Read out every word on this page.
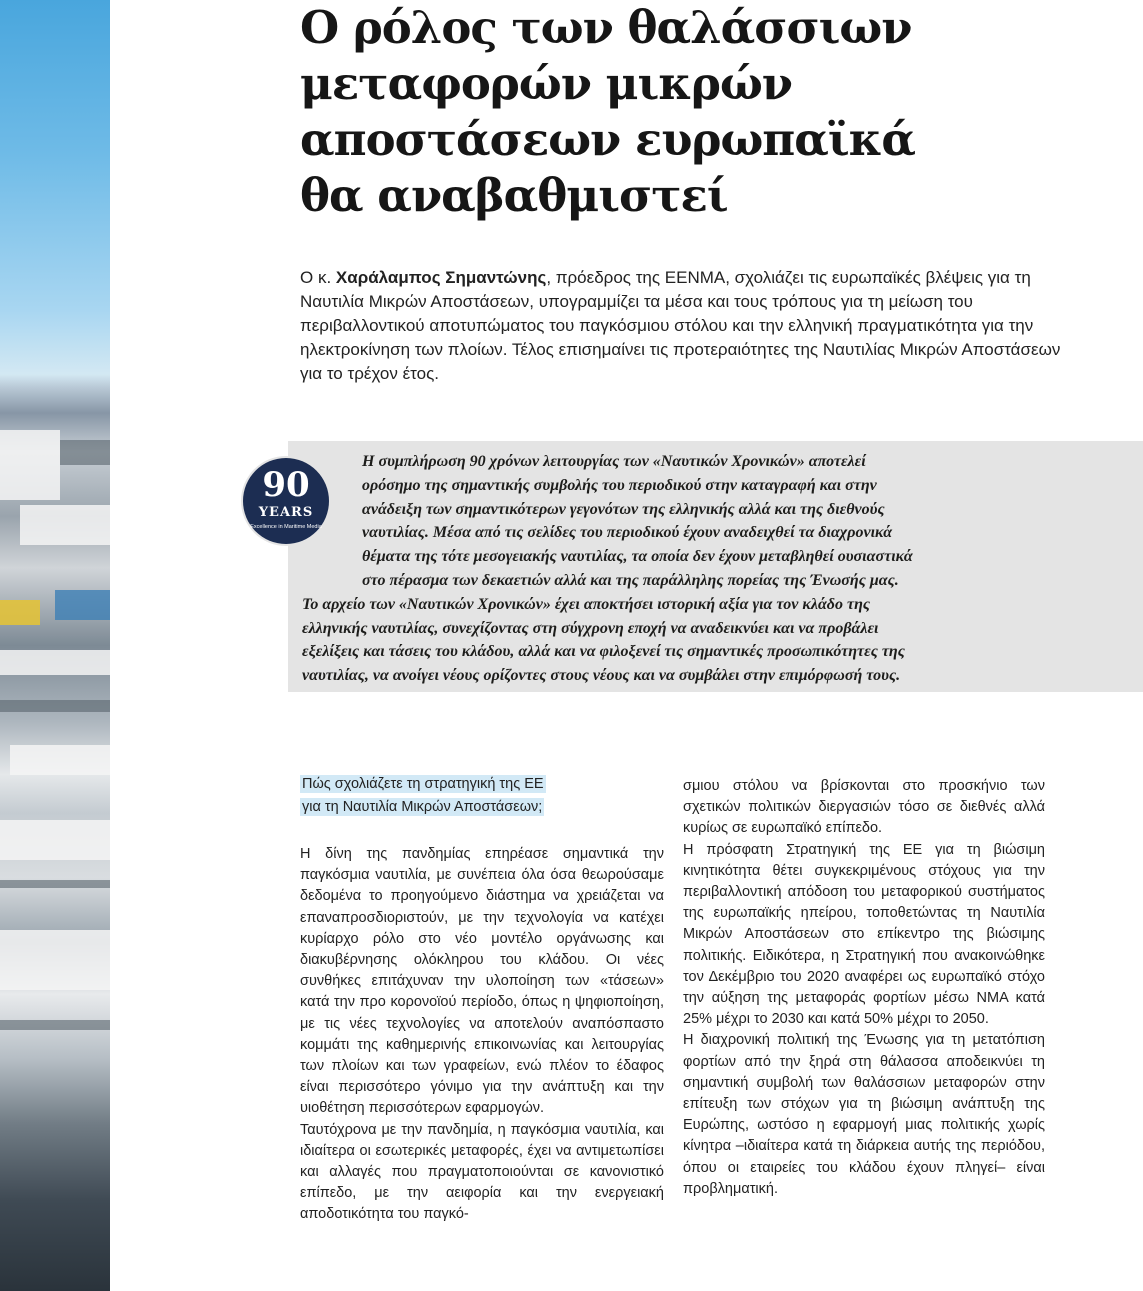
Ο ρόλος των θαλάσσιων
μεταφορών μικρών
αποστάσεων ευρωπαϊκά
θα αναβαθμιστεί

Ο κ. Χαράλαμπος Σημαντώνης, πρόεδρος της ΕΕΝΜΑ, σχολιάζει τις ευρωπαϊκές βλέψεις για τη Ναυτιλία Μικρών Αποστάσεων, υπογραμμίζει τα μέσα και τους τρόπους για τη μείωση του περιβαλλοντικού αποτυπώματος του παγκόσμιου στόλου και την ελληνική πραγματικότητα για την ηλεκτροκίνηση των πλοίων. Τέλος επισημαίνει τις προτεραιότητες της Ναυτιλίας Μικρών Αποστάσεων για το τρέχον έτος.

Η συμπλήρωση 90 χρόνων λειτουργίας των «Ναυτικών Χρονικών» αποτελεί
ορόσημο της σημαντικής συμβολής του περιοδικού στην καταγραφή και στην
ανάδειξη των σημαντικότερων γεγονότων της ελληνικής αλλά και της διεθνούς
ναυτιλίας. Μέσα από τις σελίδες του περιοδικού έχουν αναδειχθεί τα διαχρονικά
θέματα της τότε μεσογειακής ναυτιλίας, τα οποία δεν έχουν μεταβληθεί ουσιαστικά
στο πέρασμα των δεκαετιών αλλά και της παράλληλης πορείας της Ένωσής μας.
Το αρχείο των «Ναυτικών Χρονικών» έχει αποκτήσει ιστορική αξία για τον κλάδο της
ελληνικής ναυτιλίας, συνεχίζοντας στη σύγχρονη εποχή να αναδεικνύει και να προβάλει
εξελίξεις και τάσεις του κλάδου, αλλά και να φιλοξενεί τις σημαντικές προσωπικότητες της
ναυτιλίας, να ανοίγει νέους ορίζοντες στους νέους και να συμβάλει στην επιμόρφωσή τους.
90
YEARS
Excellence in Maritime Media
Πώς σχολιάζετε τη στρατηγική της ΕΕ
για τη Ναυτιλία Μικρών Αποστάσεων;

Η δίνη της πανδημίας επηρέασε σημαντικά την παγκόσμια ναυτιλία, με συνέπεια όλα όσα θεωρούσαμε δεδομένα το προηγούμενο διάστημα να χρειάζεται να επαναπροσδιοριστούν, με την τεχνολογία να κατέχει κυρίαρχο ρόλο στο νέο μοντέλο οργάνωσης και διακυβέρνησης ολόκληρου του κλάδου. Οι νέες συνθήκες επιτάχυναν την υλοποίηση των «τάσεων» κατά την προ κορονοϊού περίοδο, όπως η ψηφιοποίηση, με τις νέες τεχνολογίες να αποτελούν αναπόσπαστο κομμάτι της καθημερινής επικοινωνίας και λειτουργίας των πλοίων και των γραφείων, ενώ πλέον το έδαφος είναι περισσότερο γόνιμο για την ανάπτυξη και την υιοθέτηση περισσότερων εφαρμογών.

Ταυτόχρονα με την πανδημία, η παγκόσμια ναυτιλία, και ιδιαίτερα οι εσωτερικές μεταφορές, έχει να αντιμετωπίσει και αλλαγές που πραγματοποιούνται σε κανονιστικό επίπεδο, με την αειφορία και την ενεργειακή αποδοτικότητα του παγκό-

σμιου στόλου να βρίσκονται στο προσκήνιο των σχετικών πολιτικών διεργασιών τόσο σε διεθνές αλλά κυρίως σε ευρωπαϊκό επίπεδο.

Η πρόσφατη Στρατηγική της ΕΕ για τη βιώσιμη κινητικότητα θέτει συγκεκριμένους στόχους για την περιβαλλοντική απόδοση του μεταφορικού συστήματος της ευρωπαϊκής ηπείρου, τοποθετώντας τη Ναυτιλία Μικρών Αποστάσεων στο επίκεντρο της βιώσιμης πολιτικής. Ειδικότερα, η Στρατηγική που ανακοινώθηκε τον Δεκέμβριο του 2020 αναφέρει ως ευρωπαϊκό στόχο την αύξηση της μεταφοράς φορτίων μέσω ΝΜΑ κατά 25% μέχρι το 2030 και κατά 50% μέχρι το 2050.

Η διαχρονική πολιτική της Ένωσης για τη μετατόπιση φορτίων από την ξηρά στη θάλασσα αποδεικνύει τη σημαντική συμβολή των θαλάσσιων μεταφορών στην επίτευξη των στόχων για τη βιώσιμη ανάπτυξη της Ευρώπης, ωστόσο η εφαρμογή μιας πολιτικής χωρίς κίνητρα –ιδιαίτερα κατά τη διάρκεια αυτής της περιόδου, όπου οι εταιρείες του κλάδου έχουν πληγεί– είναι προβληματική.
